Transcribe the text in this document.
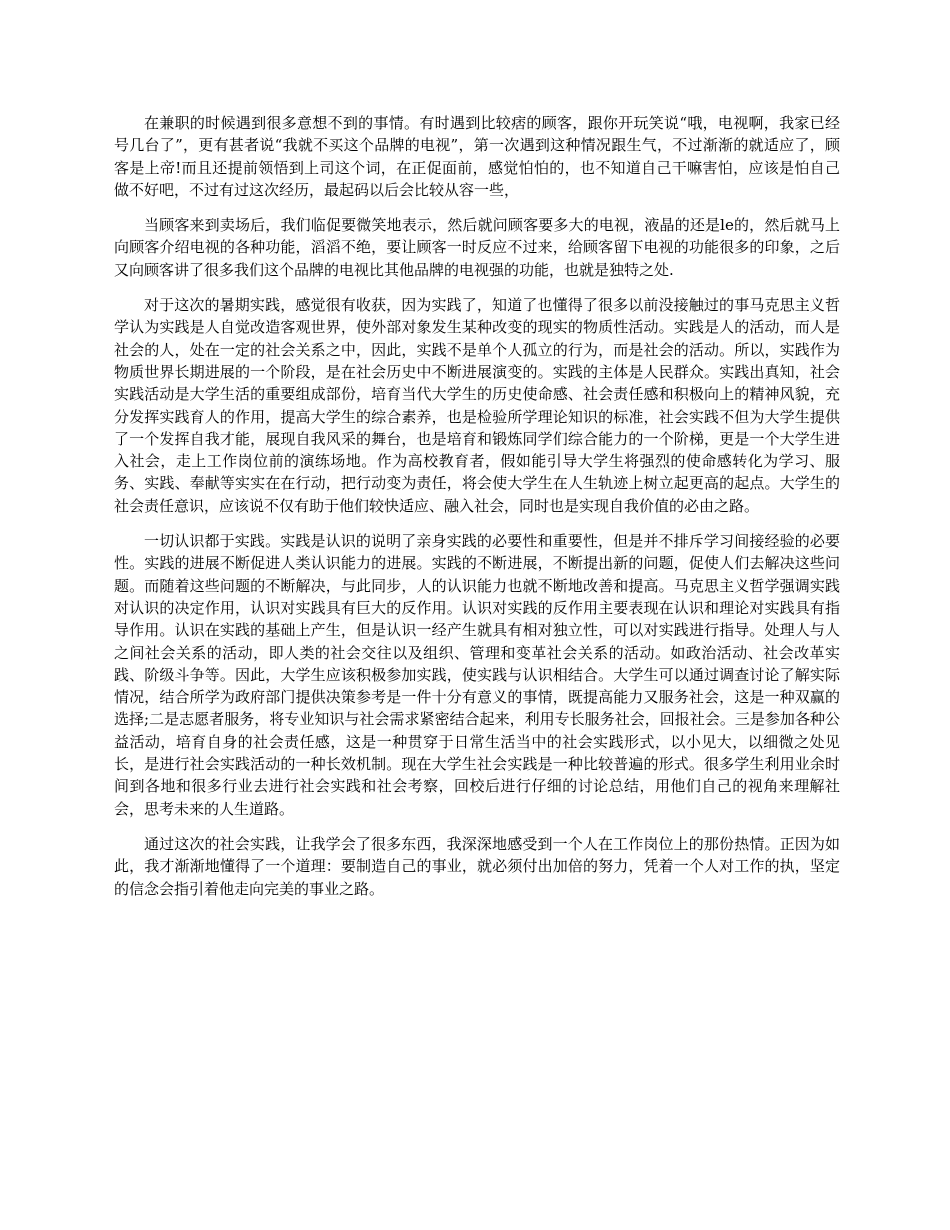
在兼职的时候遇到很多意想不到的事情。有时遇到比较痞的顾客，跟你开玩笑说“哦，电视啊，我家已经号几台了”，更有甚者说“我就不买这个品牌的电视”，第一次遇到这种情况跟生气，不过渐渐的就适应了，顾客是上帝!而且还提前领悟到上司这个词，在正促面前，感觉怕怕的，也不知道自己干嘛害怕，应该是怕自己做不好吧，不过有过这次经历，最起码以后会比较从容一些，

当顾客来到卖场后，我们临促要微笑地表示，然后就问顾客要多大的电视，液晶的还是le的，然后就马上向顾客介绍电视的各种功能，滔滔不绝，要让顾客一时反应不过来，给顾客留下电视的功能很多的印象，之后又向顾客讲了很多我们这个品牌的电视比其他品牌的电视强的功能，也就是独特之处.

对于这次的暑期实践，感觉很有收获，因为实践了，知道了也懂得了很多以前没接触过的事马克思主义哲学认为实践是人自觉改造客观世界，使外部对象发生某种改变的现实的物质性活动。实践是人的活动，而人是社会的人，处在一定的社会关系之中，因此，实践不是单个人孤立的行为，而是社会的活动。所以，实践作为物质世界长期进展的一个阶段，是在社会历史中不断进展演变的。实践的主体是人民群众。实践出真知，社会实践活动是大学生活的重要组成部份，培育当代大学生的历史使命感、社会责任感和积极向上的精神风貌，充分发挥实践育人的作用，提高大学生的综合素养，也是检验所学理论知识的标准，社会实践不但为大学生提供了一个发挥自我才能，展现自我风采的舞台，也是培育和锻炼同学们综合能力的一个阶梯，更是一个大学生进入社会，走上工作岗位前的演练场地。作为高校教育者，假如能引导大学生将强烈的使命感转化为学习、服务、实践、奉献等实实在在行动，把行动变为责任，将会使大学生在人生轨迹上树立起更高的起点。大学生的社会责任意识，应该说不仅有助于他们较快适应、融入社会，同时也是实现自我价值的必由之路。

一切认识都于实践。实践是认识的说明了亲身实践的必要性和重要性，但是并不排斥学习间接经验的必要性。实践的进展不断促进人类认识能力的进展。实践的不断进展，不断提出新的问题，促使人们去解决这些问题。而随着这些问题的不断解决，与此同步，人的认识能力也就不断地改善和提高。马克思主义哲学强调实践对认识的决定作用，认识对实践具有巨大的反作用。认识对实践的反作用主要表现在认识和理论对实践具有指导作用。认识在实践的基础上产生，但是认识一经产生就具有相对独立性，可以对实践进行指导。处理人与人之间社会关系的活动，即人类的社会交往以及组织、管理和变革社会关系的活动。如政治活动、社会改革实践、阶级斗争等。因此，大学生应该积极参加实践，使实践与认识相结合。大学生可以通过调查讨论了解实际情况，结合所学为政府部门提供决策参考是一件十分有意义的事情，既提高能力又服务社会，这是一种双赢的选择;二是志愿者服务，将专业知识与社会需求紧密结合起来，利用专长服务社会，回报社会。三是参加各种公益活动，培育自身的社会责任感，这是一种贯穿于日常生活当中的社会实践形式，以小见大，以细微之处见长，是进行社会实践活动的一种长效机制。现在大学生社会实践是一种比较普遍的形式。很多学生利用业余时间到各地和很多行业去进行社会实践和社会考察，回校后进行仔细的讨论总结，用他们自己的视角来理解社会，思考未来的人生道路。

通过这次的社会实践，让我学会了很多东西，我深深地感受到一个人在工作岗位上的那份热情。正因为如此，我才渐渐地懂得了一个道理：要制造自己的事业，就必须付出加倍的努力，凭着一个人对工作的执，坚定的信念会指引着他走向完美的事业之路。
